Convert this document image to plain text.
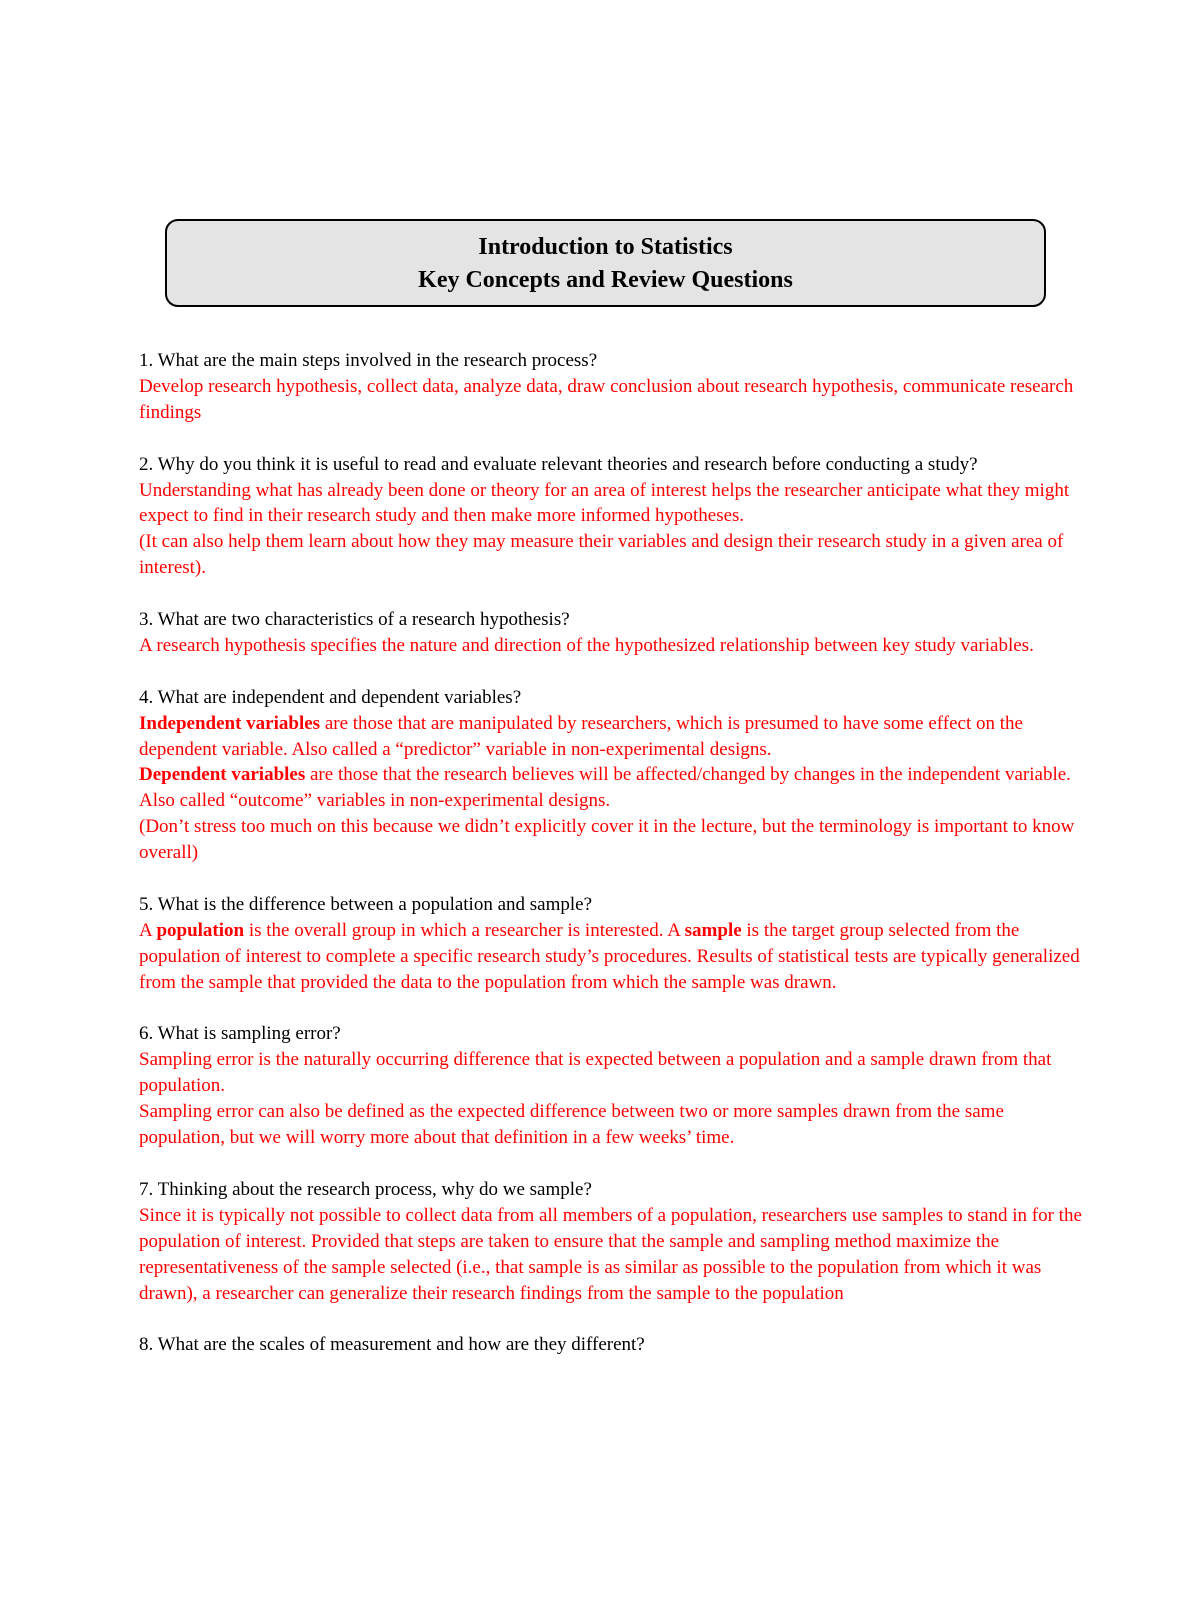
Introduction to Statistics
Key Concepts and Review Questions
1. What are the main steps involved in the research process?
Develop research hypothesis, collect data, analyze data, draw conclusion about research hypothesis, communicate research findings
2. Why do you think it is useful to read and evaluate relevant theories and research before conducting a study?
Understanding what has already been done or theory for an area of interest helps the researcher anticipate what they might expect to find in their research study and then make more informed hypotheses.
(It can also help them learn about how they may measure their variables and design their research study in a given area of interest).
3. What are two characteristics of a research hypothesis?
A research hypothesis specifies the nature and direction of the hypothesized relationship between key study variables.
4. What are independent and dependent variables?
Independent variables are those that are manipulated by researchers, which is presumed to have some effect on the dependent variable. Also called a “predictor” variable in non-experimental designs.
Dependent variables are those that the research believes will be affected/changed by changes in the independent variable. Also called “outcome” variables in non-experimental designs.
(Don’t stress too much on this because we didn’t explicitly cover it in the lecture, but the terminology is important to know overall)
5. What is the difference between a population and sample?
A population is the overall group in which a researcher is interested. A sample is the target group selected from the population of interest to complete a specific research study’s procedures. Results of statistical tests are typically generalized from the sample that provided the data to the population from which the sample was drawn.
6. What is sampling error?
Sampling error is the naturally occurring difference that is expected between a population and a sample drawn from that population.
Sampling error can also be defined as the expected difference between two or more samples drawn from the same population, but we will worry more about that definition in a few weeks’ time.
7. Thinking about the research process, why do we sample?
Since it is typically not possible to collect data from all members of a population, researchers use samples to stand in for the population of interest. Provided that steps are taken to ensure that the sample and sampling method maximize the representativeness of the sample selected (i.e., that sample is as similar as possible to the population from which it was drawn), a researcher can generalize their research findings from the sample to the population
8. What are the scales of measurement and how are they different?
